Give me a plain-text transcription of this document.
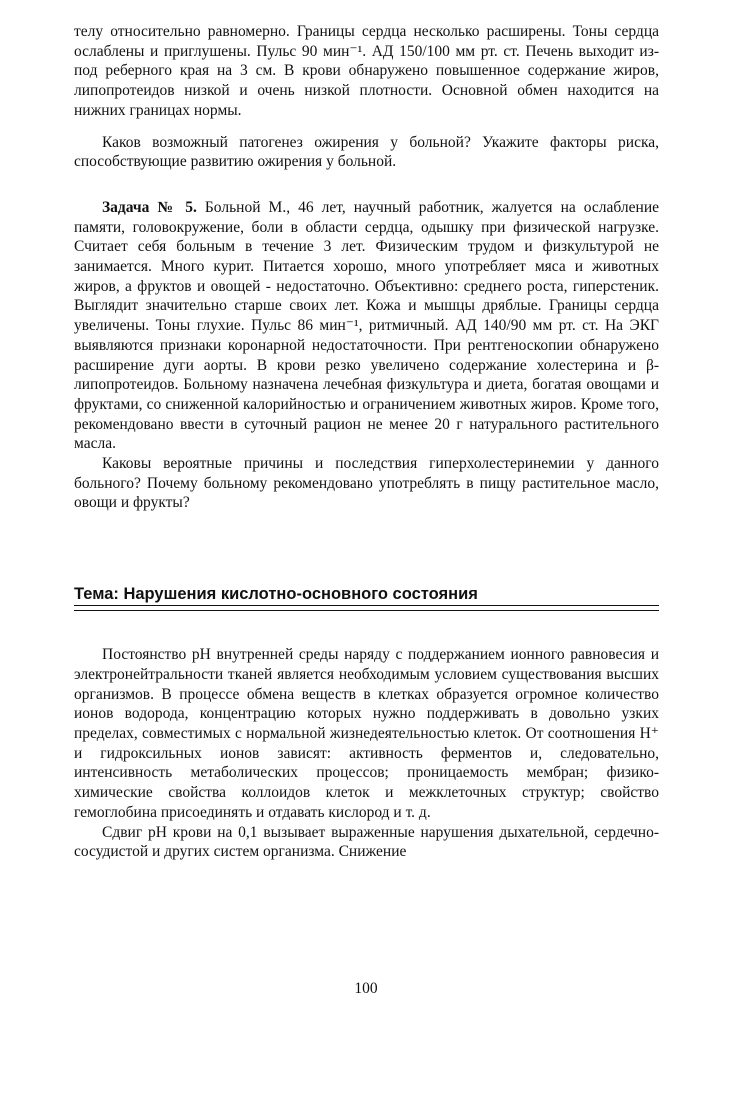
телу относительно равномерно. Границы сердца несколько расширены. Тоны сердца ослаблены и приглушены. Пульс 90 мин⁻¹. АД 150/100 мм рт. ст. Печень выходит из-под реберного края на 3 см. В крови обнаружено повышенное содержание жиров, липопротеидов низкой и очень низкой плотности. Основной обмен находится на нижних границах нормы.

Каков возможный патогенез ожирения у больной? Укажите факторы риска, способствующие развитию ожирения у больной.

Задача № 5. Больной М., 46 лет, научный работник, жалуется на ослабление памяти, головокружение, боли в области сердца, одышку при физической нагрузке. Считает себя больным в течение 3 лет. Физическим трудом и физкультурой не занимается. Много курит. Питается хорошо, много употребляет мяса и животных жиров, а фруктов и овощей - недостаточно. Объективно: среднего роста, гиперстеник. Выглядит значительно старше своих лет. Кожа и мышцы дряблые. Границы сердца увеличены. Тоны глухие. Пульс 86 мин⁻¹, ритмичный. АД 140/90 мм рт. ст. На ЭКГ выявляются признаки коронарной недостаточности. При рентгеноскопии обнаружено расширение дуги аорты. В крови резко увеличено содержание холестерина и β-липопротеидов. Больному назначена лечебная физкультура и диета, богатая овощами и фруктами, со сниженной калорийностью и ограничением животных жиров. Кроме того, рекомендовано ввести в суточный рацион не менее 20 г натурального растительного масла.

Каковы вероятные причины и последствия гиперхолестеринемии у данного больного? Почему больному рекомендовано употреблять в пищу растительное масло, овощи и фрукты?

Тема: Нарушения кислотно-основного состояния

Постоянство pH внутренней среды наряду с поддержанием ионного равновесия и электронейтральности тканей является необходимым условием существования высших организмов. В процессе обмена веществ в клетках образуется огромное количество ионов водорода, концентрацию которых нужно поддерживать в довольно узких пределах, совместимых с нормальной жизнедеятельностью клеток. От соотношения H⁺ и гидроксильных ионов зависят: активность ферментов и, следовательно, интенсивность метаболических процессов; проницаемость мембран; физико-химические свойства коллоидов клеток и межклеточных структур; свойство гемоглобина присоединять и отдавать кислород и т. д.

Сдвиг pH крови на 0,1 вызывает выраженные нарушения дыхательной, сердечно-сосудистой и других систем организма. Снижение

100
